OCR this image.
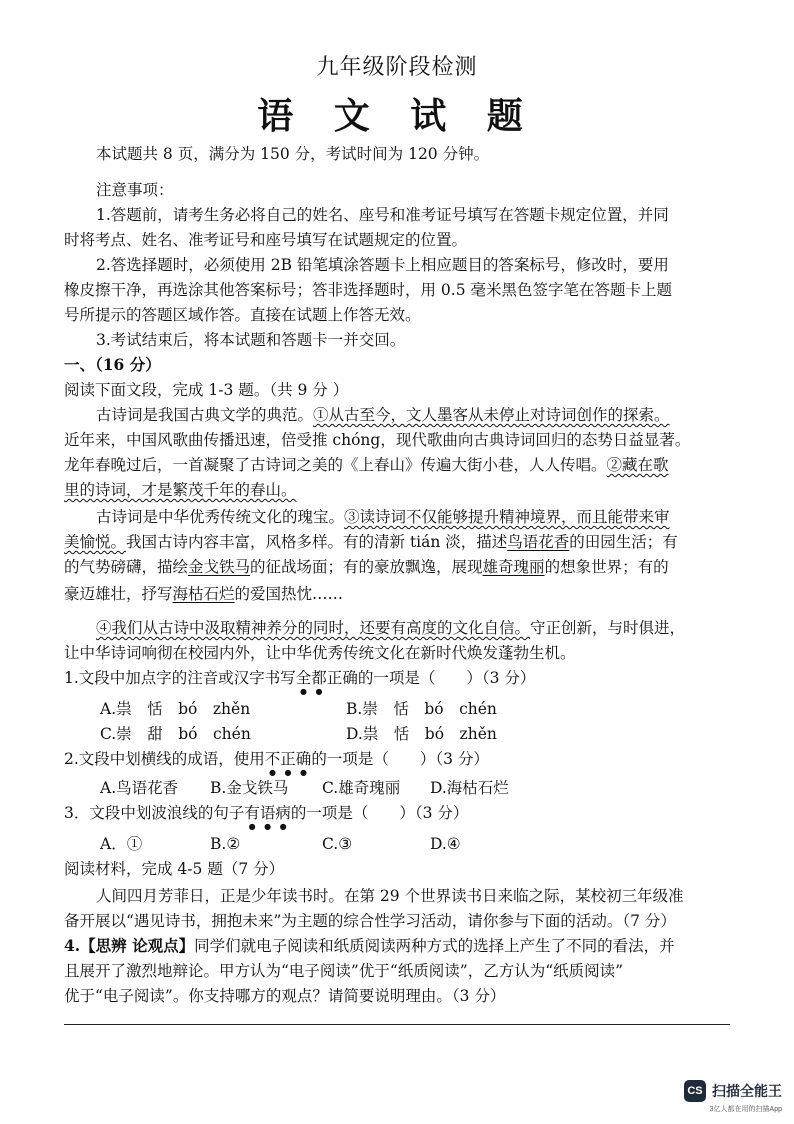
九年级阶段检测
语 文 试 题
本试题共 8 页，满分为 150 分，考试时间为 120 分钟。
注意事项：
1.答题前，请考生务必将自己的姓名、座号和准考证号填写在答题卡规定位置，并同
时将考点、姓名、准考证号和座号填写在试题规定的位置。
2.答选择题时，必须使用 2B 铅笔填涂答题卡上相应题目的答案标号，修改时，要用
橡皮擦干净，再选涂其他答案标号；答非选择题时，用 0.5 毫米黑色签字笔在答题卡上题
号所提示的答题区域作答。直接在试题上作答无效。
3.考试结束后，将本试题和答题卡一并交回。
一、（16 分）
阅读下面文段，完成 1-3 题。（共 9 分 ）
古诗词是我国古典文学的典范。①从古至今，文人墨客从未停止对诗词创作的探索。
近年来，中国风歌曲传播迅速，倍受推 chóng，现代歌曲向古典诗词回归的态势日益显著。
龙年春晚过后，一首凝聚了古诗词之美的《上春山》传遍大街小巷，人人传唱。②藏在歌
里的诗词，才是繁茂千年的春山。
古诗词是中华优秀传统文化的瑰宝。③读诗词不仅能够提升精神境界，而且能带来审
美愉悦。我国古诗内容丰富，风格多样。有的清新 tián 淡，描述鸟语花香的田园生活；有
的气势磅礴，描绘金戈铁马的征战场面；有的豪放飘逸，展现雄奇瑰丽的想象世界；有的
豪迈雄壮，抒写海枯石烂的爱国热忱……
④我们从古诗中汲取精神养分的同时，还要有高度的文化自信。守正创新，与时俱进，
让中华诗词响彻在校园内外，让中华优秀传统文化在新时代焕发蓬勃生机。
1.文段中加点字的注音或汉字书写全都正确的一项是（　　）（3 分）
A.祟　恬　bó　zhěn	B.崇　恬　bó　chén
C.崇　甜　bó　chén	D.祟　恬　bó　zhěn
2.文段中划横线的成语，使用不正确的一项是（　　）（3 分）
A.鸟语花香 B.金戈铁马 C.雄奇瑰丽 D.海枯石烂
3．文段中划波浪线的句子有语病的一项是（　　）（3 分）
A．①	B.②	C.③	D.④
阅读材料，完成 4-5 题（7 分）
人间四月芳菲日，正是少年读书时。在第 29 个世界读书日来临之际，某校初三年级准
备开展以“遇见诗书，拥抱未来”为主题的综合性学习活动，请你参与下面的活动。（7 分）
4.【思辨 论观点】同学们就电子阅读和纸质阅读两种方式的选择上产生了不同的看法，并
且展开了激烈地辩论。甲方认为“电子阅读”优于“纸质阅读”，乙方认为“纸质阅读”
优于“电子阅读”。你支持哪方的观点？请简要说明理由。（3 分）
CS 扫描全能王
3亿人都在用的扫描App
